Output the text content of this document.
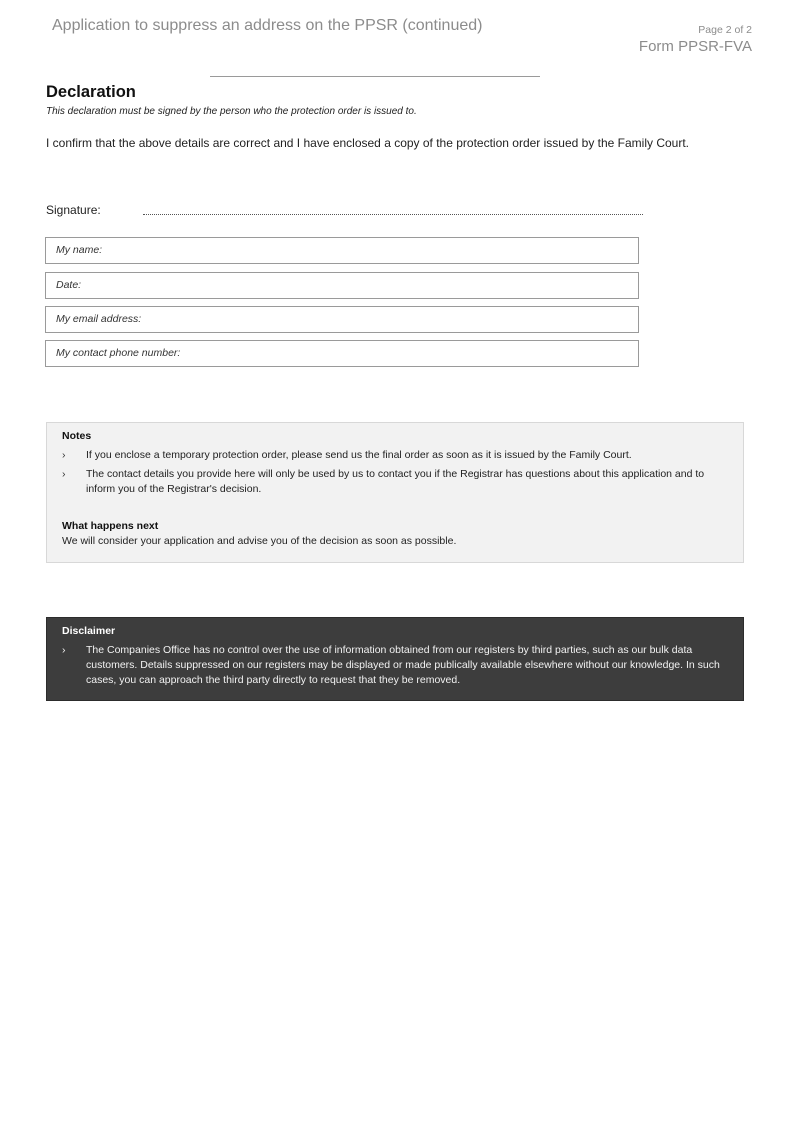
Application to suppress an address on the PPSR (continued)	Page 2 of 2
Form PPSR-FVA
Declaration
This declaration must be signed by the person who the protection order is issued to.
I confirm that the above details are correct and I have enclosed a copy of the protection order issued by the Family Court.
Signature:
My name:
Date:
My email address:
My contact phone number:
Notes
›	If you enclose a temporary protection order, please send us the final order as soon as it is issued by the Family Court.
›	The contact details you provide here will only be used by us to contact you if the Registrar has questions about this application and to inform you of the Registrar's decision.
What happens next
We will consider your application and advise you of the decision as soon as possible.
Disclaimer
›	The Companies Office has no control over the use of information obtained from our registers by third parties, such as our bulk data customers. Details suppressed on our registers may be displayed or made publically available elsewhere without our knowledge. In such cases, you can approach the third party directly to request that they be removed.
